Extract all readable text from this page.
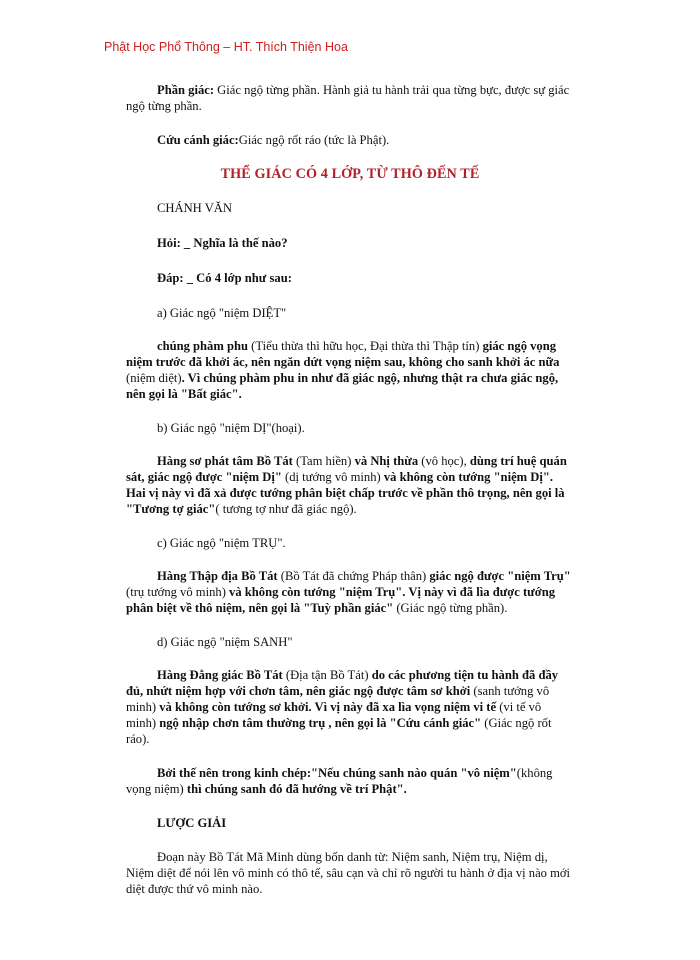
Phật Học Phổ Thông – HT. Thích Thiện Hoa

Phần giác: Giác ngộ từng phần. Hành giả tu hành trải qua từng bực, được sự giác ngộ từng phần.

Cứu cánh giác:Giác ngộ rốt ráo (tức là Phật).

THỂ GIÁC CÓ 4 LỚP, TỪ THÔ ĐẾN TẾ

CHÁNH VĂN

Hỏi: _ Nghĩa là thế nào?

Đáp: _ Có 4 lớp như sau:

a) Giác ngộ "niệm DIỆT"

chúng phàm phu (Tiểu thừa thì hữu học, Đại thừa thì Thập tín) giác ngộ vọng niệm trước đã khởi ác, nên ngăn dứt vọng niệm sau, không cho sanh khởi ác nữa (niệm diệt). Vì chúng phàm phu in như đã giác ngộ, nhưng thật ra chưa giác ngộ, nên gọi là "Bất giác".

b) Giác ngộ "niệm DỊ"(hoại).

Hàng sơ phát tâm Bồ Tát (Tam hiền) và Nhị thừa (vô học), dùng trí huệ quán sát, giác ngộ được "niệm Dị" (dị tướng vô minh) và không còn tướng "niệm Dị". Hai vị này vì đã xả được tướng phân biệt chấp trước về phần thô trọng, nên gọi là "Tương tợ giác"( tương tợ như đã giác ngộ).

c) Giác ngộ "niệm TRỤ".

Hàng Thập địa Bồ Tát (Bồ Tát đã chứng Pháp thân) giác ngộ được "niệm Trụ" (trụ tướng vô minh) và không còn tướng "niệm Trụ". Vị này vì đã lìa được tướng phân biệt về thô niệm, nên gọi là "Tuỳ phần giác" (Giác ngộ từng phần).

d) Giác ngộ "niệm SANH"

Hàng Đẳng giác Bồ Tát (Địa tận Bồ Tát) do các phương tiện tu hành đã đầy đủ, nhứt niệm hợp với chơn tâm, nên giác ngộ được tâm sơ khởi (sanh tướng vô minh) và không còn tướng sơ khởi. Vì vị này đã xa lìa vọng niệm vi tế (vi tế vô minh) ngộ nhập chơn tâm thường trụ , nên gọi là "Cứu cánh giác" (Giác ngộ rốt ráo).

Bởi thế nên trong kinh chép:"Nếu chúng sanh nào quán "vô niệm"(không vọng niệm) thì chúng sanh đó đã hướng về trí Phật".

LƯỢC GIẢI

Đoạn này Bồ Tát Mã Minh dùng bốn danh từ: Niệm sanh, Niệm trụ, Niệm dị, Niệm diệt để nói lên vô minh có thô tế, sâu cạn và chỉ rõ người tu hành ở địa vị nào mới diệt được thứ vô minh nào.
